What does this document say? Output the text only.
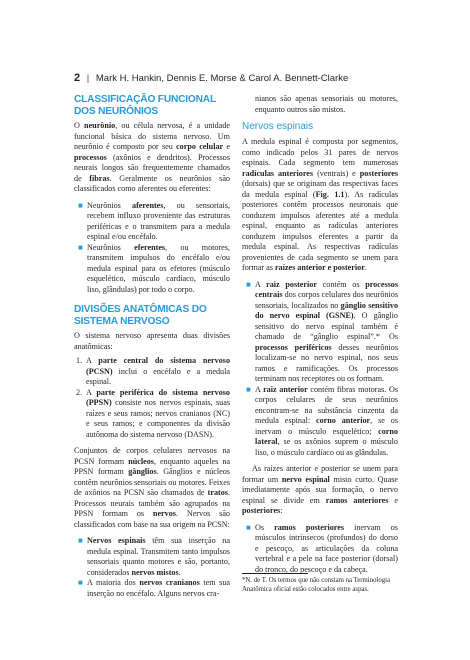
2 | Mark H. Hankin, Dennis E. Morse & Carol A. Bennett-Clarke
CLASSIFICAÇÃO FUNCIONAL DOS NEURÔNIOS

O neurônio, ou célula nervosa, é a unidade funcional básica do sistema nervoso. Um neurônio é composto por seu corpo celular e processos (axônios e dendritos). Processos neurais longos são frequentemente chamados de fibras. Geralmente os neurônios são classificados como aferentes ou eferentes:

■ Neurônios aferentes, ou sensoriais, recebem influxo proveniente das estruturas periféricas e o transmitem para a medula espinal e/ou encéfalo.
■ Neurônios eferentes, ou motores, transmitem impulsos do encéfalo e/ou medula espinal para os efetores (músculo esquelético, músculo cardíaco, músculo liso, glândulas) por todo o corpo.
DIVISÕES ANATÔMICAS DO SISTEMA NERVOSO

O sistema nervoso apresenta duas divisões anatômicas:

1. A parte central do sistema nervoso (PCSN) inclui o encéfalo e a medula espinal.
2. A parte periférica do sistema nervoso (PPSN) consiste nos nervos espinais, suas raízes e seus ramos; nervos cranianos (NC) e seus ramos; e componentes da divisão autônoma do sistema nervoso (DASN).

Conjuntos de corpos celulares nervosos na PCSN formam núcleos, enquanto aqueles na PPSN formam gânglios. Gânglios e núcleos contêm neurônios sensoriais ou motores. Feixes de axônios na PCSN são chamados de tratos. Processos neurais também são agrupados na PPSN formam os nervos. Nervos são classificados com base na sua origem na PCSN:

■ Nervos espinais têm sua inserção na medula espinal. Transmitem tanto impulsos sensoriais quanto motores e são, portanto, considerados nervos mistos.
■ A maioria dos nervos cranianos tem sua inserção no encéfalo. Alguns nervos cra-

nianos são apenas sensoriais ou motores, enquanto outros são mistos.

Nervos espinais

A medula espinal é composta por segmentos, como indicado pelos 31 pares de nervos espinais. Cada segmento tem numerosas radículas anteriores (ventrais) e posteriores (dorsais) que se originam das respectivas faces da medula espinal (Fig. 1.1). As radículas posteriores contêm processos neuronais que conduzem impulsos aferentes até a medula espinal, enquanto as radículas anteriores conduzem impulsos eferentes a partir da medula espinal. As respectivas radículas provenientes de cada segmento se unem para formar as raízes anterior e posterior.

■ A raiz posterior contém os processos centrais dos corpos celulares dos neurônios sensoriais, localizados no gânglio sensitivo do nervo espinal (GSNE). O gânglio sensitivo do nervo espinal também é chamado de “gânglio espinal”.* Os processos periféricos desses neurônios localizam-se no nervo espinal, nos seus ramos e ramificações. Os processos terminam nos receptores ou os formam.
■ A raiz anterior contém fibras motoras. Os corpos celulares de seus neurônios encontram-se na substância cinzenta da medula espinal: corno anterior, se os inervam o músculo esquelético; corno lateral, se os axônios suprem o músculo liso, o músculo cardíaco ou as glândulas.

As raízes anterior e posterior se unem para formar um nervo espinal misto curto. Quase imediatamente após sua formação, o nervo espinal se divide em ramos anteriores e posteriores:

■ Os ramos posteriores inervam os músculos intrínsecos (profundos) do dorso e pescoço, as articulações da coluna vertebral e a pele na face posterior (dorsal) do tronco, do pescoço e da cabeça.

*N. de T. Os termos que não constam na Terminologia Anatômica oficial estão colocados entre aspas.
